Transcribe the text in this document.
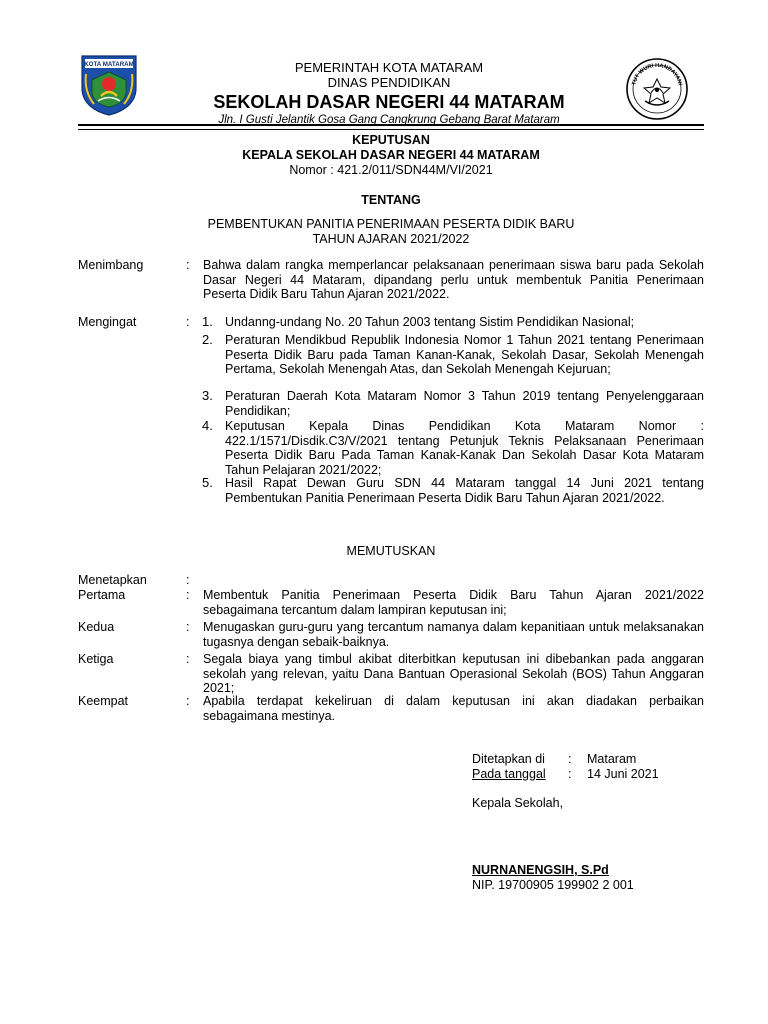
KOTA MATARAM	PEMERINTAH KOTA MATARAM
DINAS PENDIDIKAN
SEKOLAH DASAR NEGERI 44 MATARAM
Jln. I Gusti Jelantik Gosa Gang Cangkrung Gebang Barat Mataram
TUT WURI HANDAYANI
KEPUTUSAN
KEPALA SEKOLAH DASAR NEGERI 44 MATARAM
Nomor : 421.2/011/SDN44M/VI/2021
TENTANG
PEMBENTUKAN PANITIA PENERIMAAN PESERTA DIDIK BARU
TAHUN AJARAN 2021/2022
Menimbang	: Bahwa dalam rangka memperlancar pelaksanaan penerimaan siswa baru pada Sekolah Dasar Negeri 44 Mataram, dipandang perlu untuk membentuk Panitia Penerimaan Peserta Didik Baru Tahun Ajaran 2021/2022.
Mengingat	: 1. Undanng-undang No. 20 Tahun 2003 tentang Sistim Pendidikan Nasional;
2. Peraturan Mendikbud Republik Indonesia Nomor 1 Tahun 2021 tentang Penerimaan Peserta Didik Baru pada Taman Kanan-Kanak, Sekolah Dasar, Sekolah Menengah Pertama, Sekolah Menengah Atas, dan Sekolah Menengah Kejuruan;
3. Peraturan Daerah Kota Mataram Nomor 3 Tahun 2019 tentang Penyelenggaraan Pendidikan;
4. Keputusan Kepala Dinas Pendidikan Kota Mataram Nomor : 422.1/1571/Disdik.C3/V/2021 tentang Petunjuk Teknis Pelaksanaan Penerimaan Peserta Didik Baru Pada Taman Kanak-Kanak Dan Sekolah Dasar Kota Mataram Tahun Pelajaran 2021/2022;
5. Hasil Rapat Dewan Guru SDN 44 Mataram tanggal 14 Juni 2021 tentang Pembentukan Panitia Penerimaan Peserta Didik Baru Tahun Ajaran 2021/2022.
MEMUTUSKAN
Menetapkan	:
Pertama	: Membentuk Panitia Penerimaan Peserta Didik Baru Tahun Ajaran 2021/2022 sebagaimana tercantum dalam lampiran keputusan ini;
Kedua	: Menugaskan guru-guru yang tercantum namanya dalam kepanitiaan untuk melaksanakan tugasnya dengan sebaik-baiknya.
Ketiga	: Segala biaya yang timbul akibat diterbitkan keputusan ini dibebankan pada anggaran sekolah yang relevan, yaitu Dana Bantuan Operasional Sekolah (BOS) Tahun Anggaran 2021;
Keempat	: Apabila terdapat kekeliruan di dalam keputusan ini akan diadakan perbaikan sebagaimana mestinya.
Ditetapkan di : Mataram
Pada tanggal	: 14 Juni 2021
Kepala Sekolah,
NURNANENGSIH, S.Pd
NIP. 19700905 199902 2 001
